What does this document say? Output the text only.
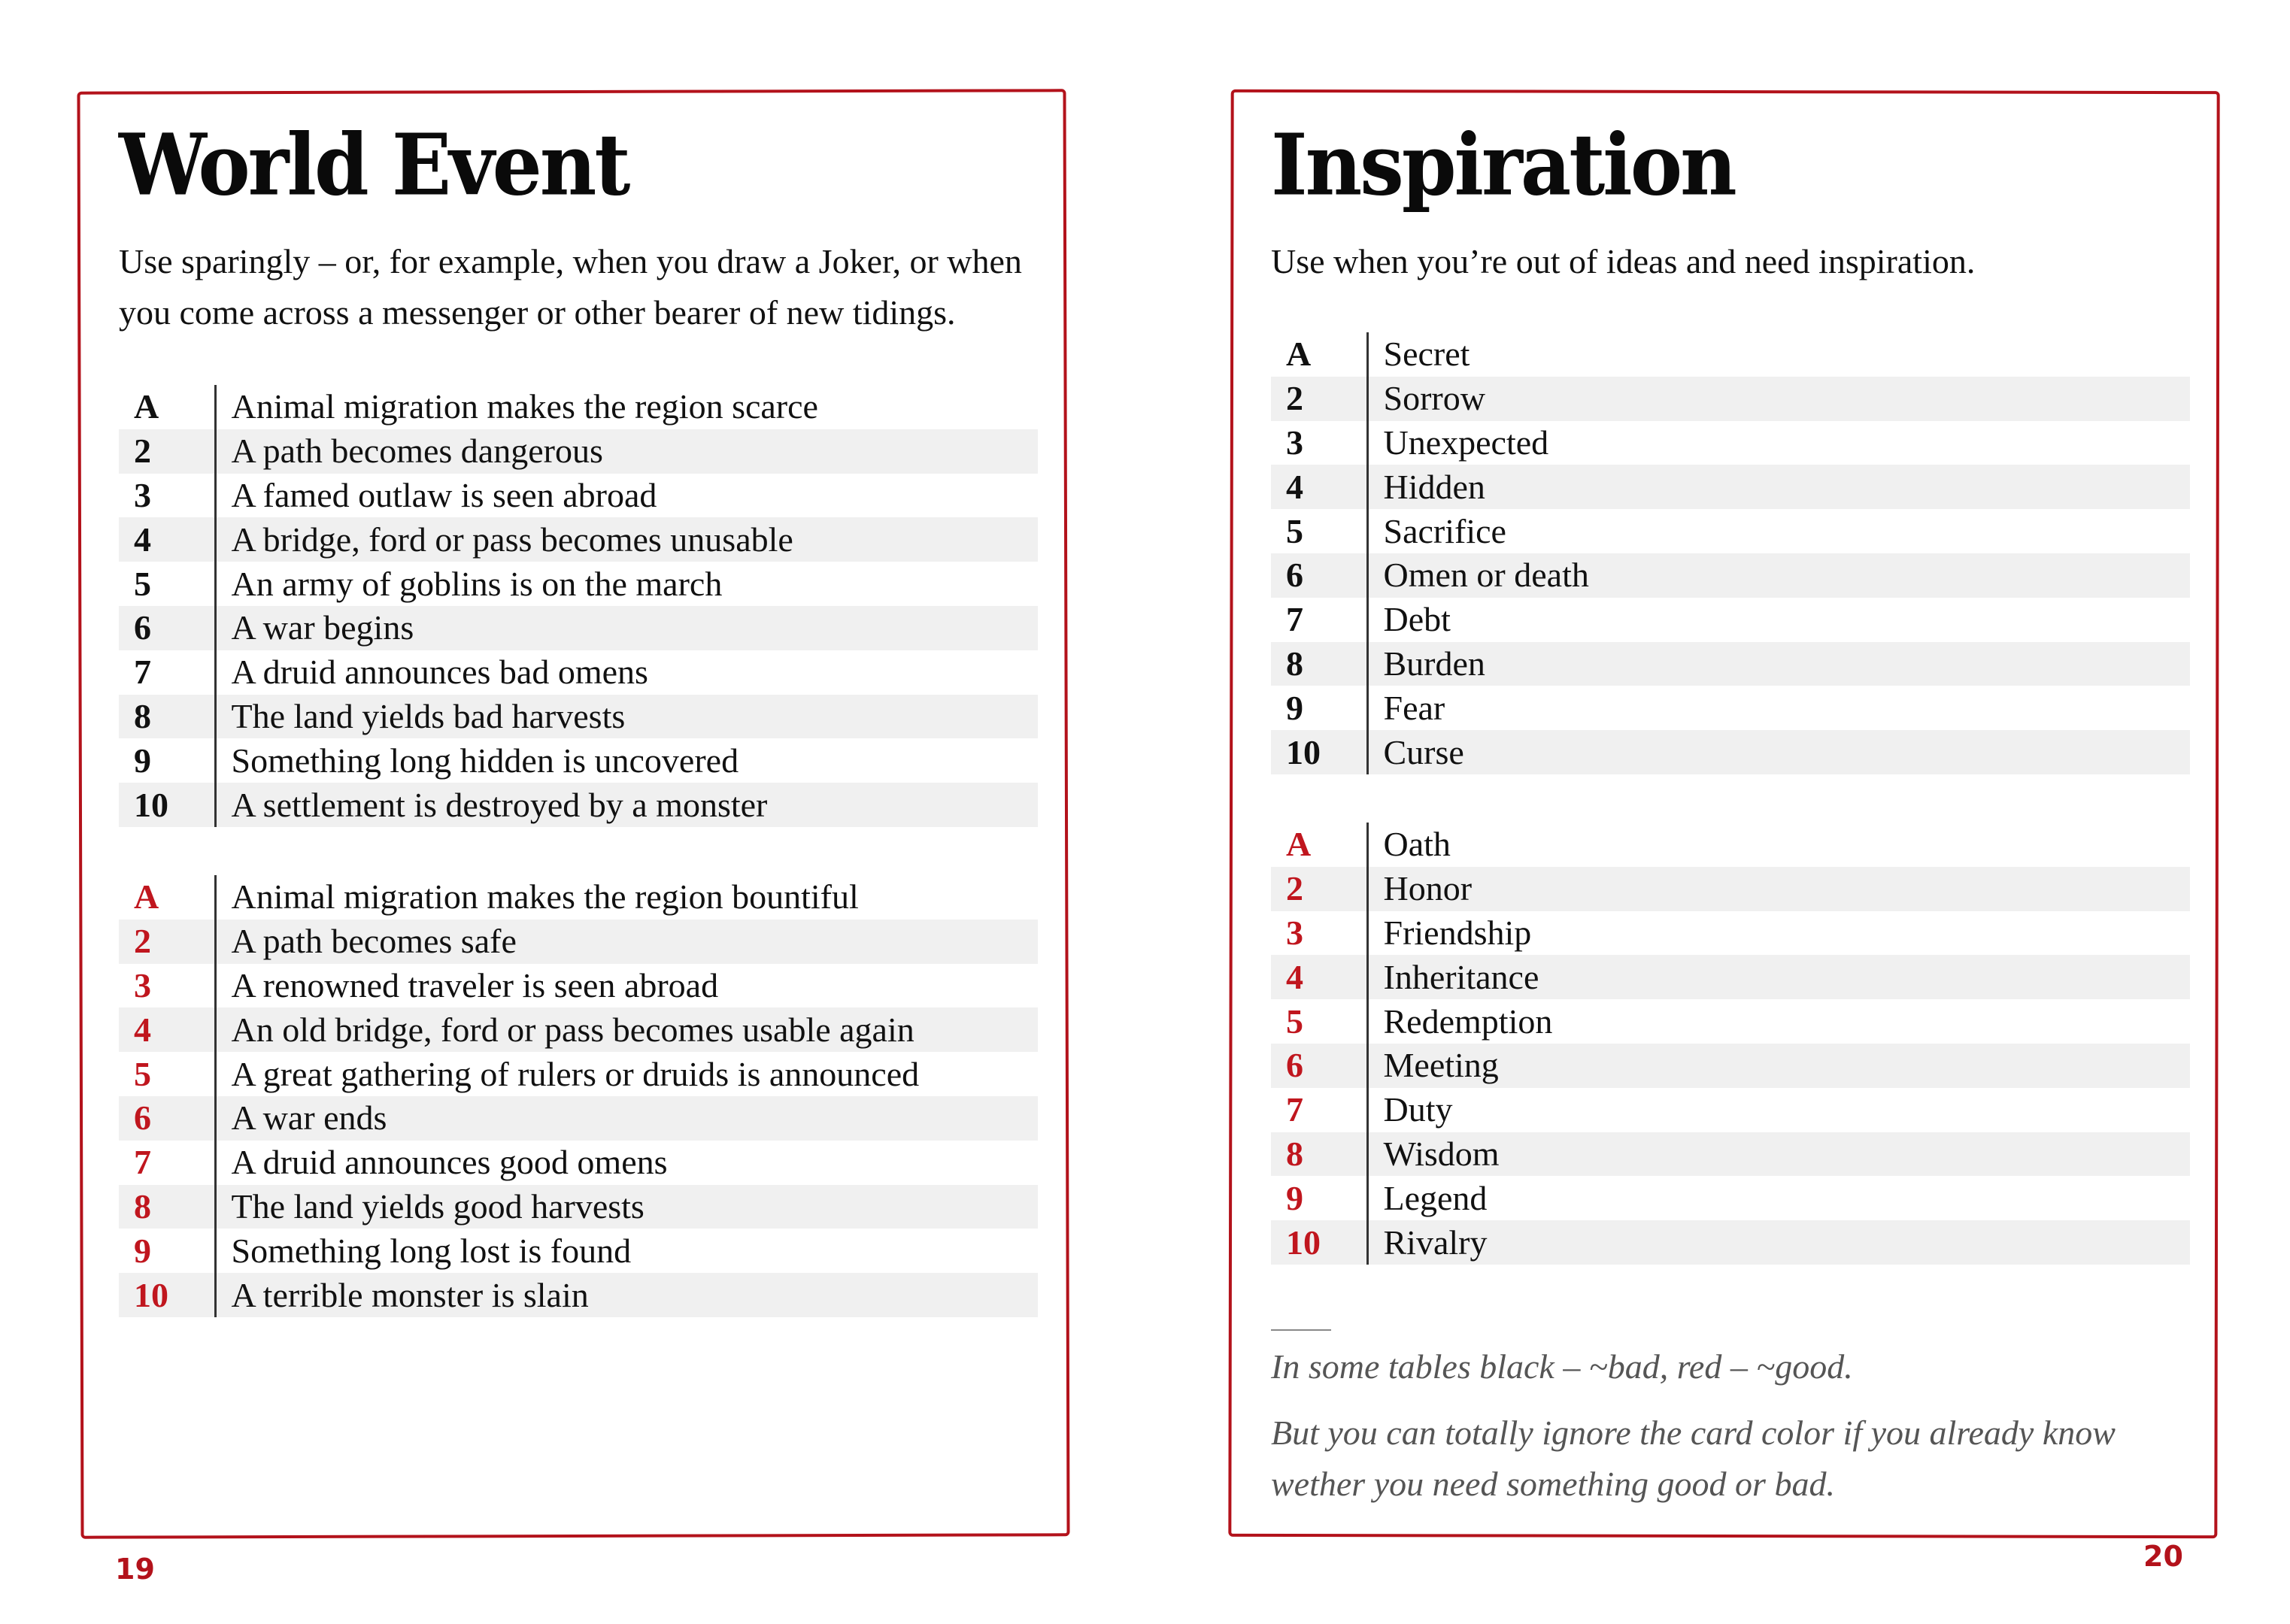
World Event

Use sparingly – or, for example, when you draw a Joker, or when you come across a messenger or other bearer of new tidings.

A	Animal migration makes the region scarce
2	A path becomes dangerous
3	A famed outlaw is seen abroad
4	A bridge, ford or pass becomes unusable
5	An army of goblins is on the march
6	A war begins
7	A druid announces bad omens
8	The land yields bad harvests
9	Something long hidden is uncovered
10	A settlement is destroyed by a monster
A	Animal migration makes the region bountiful
2	A path becomes safe
3	A renowned traveler is seen abroad
4	An old bridge, ford or pass becomes usable again
5	A great gathering of rulers or druids is announced
6	A war ends
7	A druid announces good omens
8	The land yields good harvests
9	Something long lost is found
10	A terrible monster is slain
Inspiration

Use when you’re out of ideas and need inspiration.

A	Secret
2	Sorrow
3	Unexpected
4	Hidden
5	Sacrifice
6	Omen or death
7	Debt
8	Burden
9	Fear
10	Curse
A	Oath
2	Honor
3	Friendship
4	Inheritance
5	Redemption
6	Meeting
7	Duty
8	Wisdom
9	Legend
10	Rivalry

In some tables black – ~bad, red – ~good.

But you can totally ignore the card color if you already know wether you need something good or bad.

19	20
